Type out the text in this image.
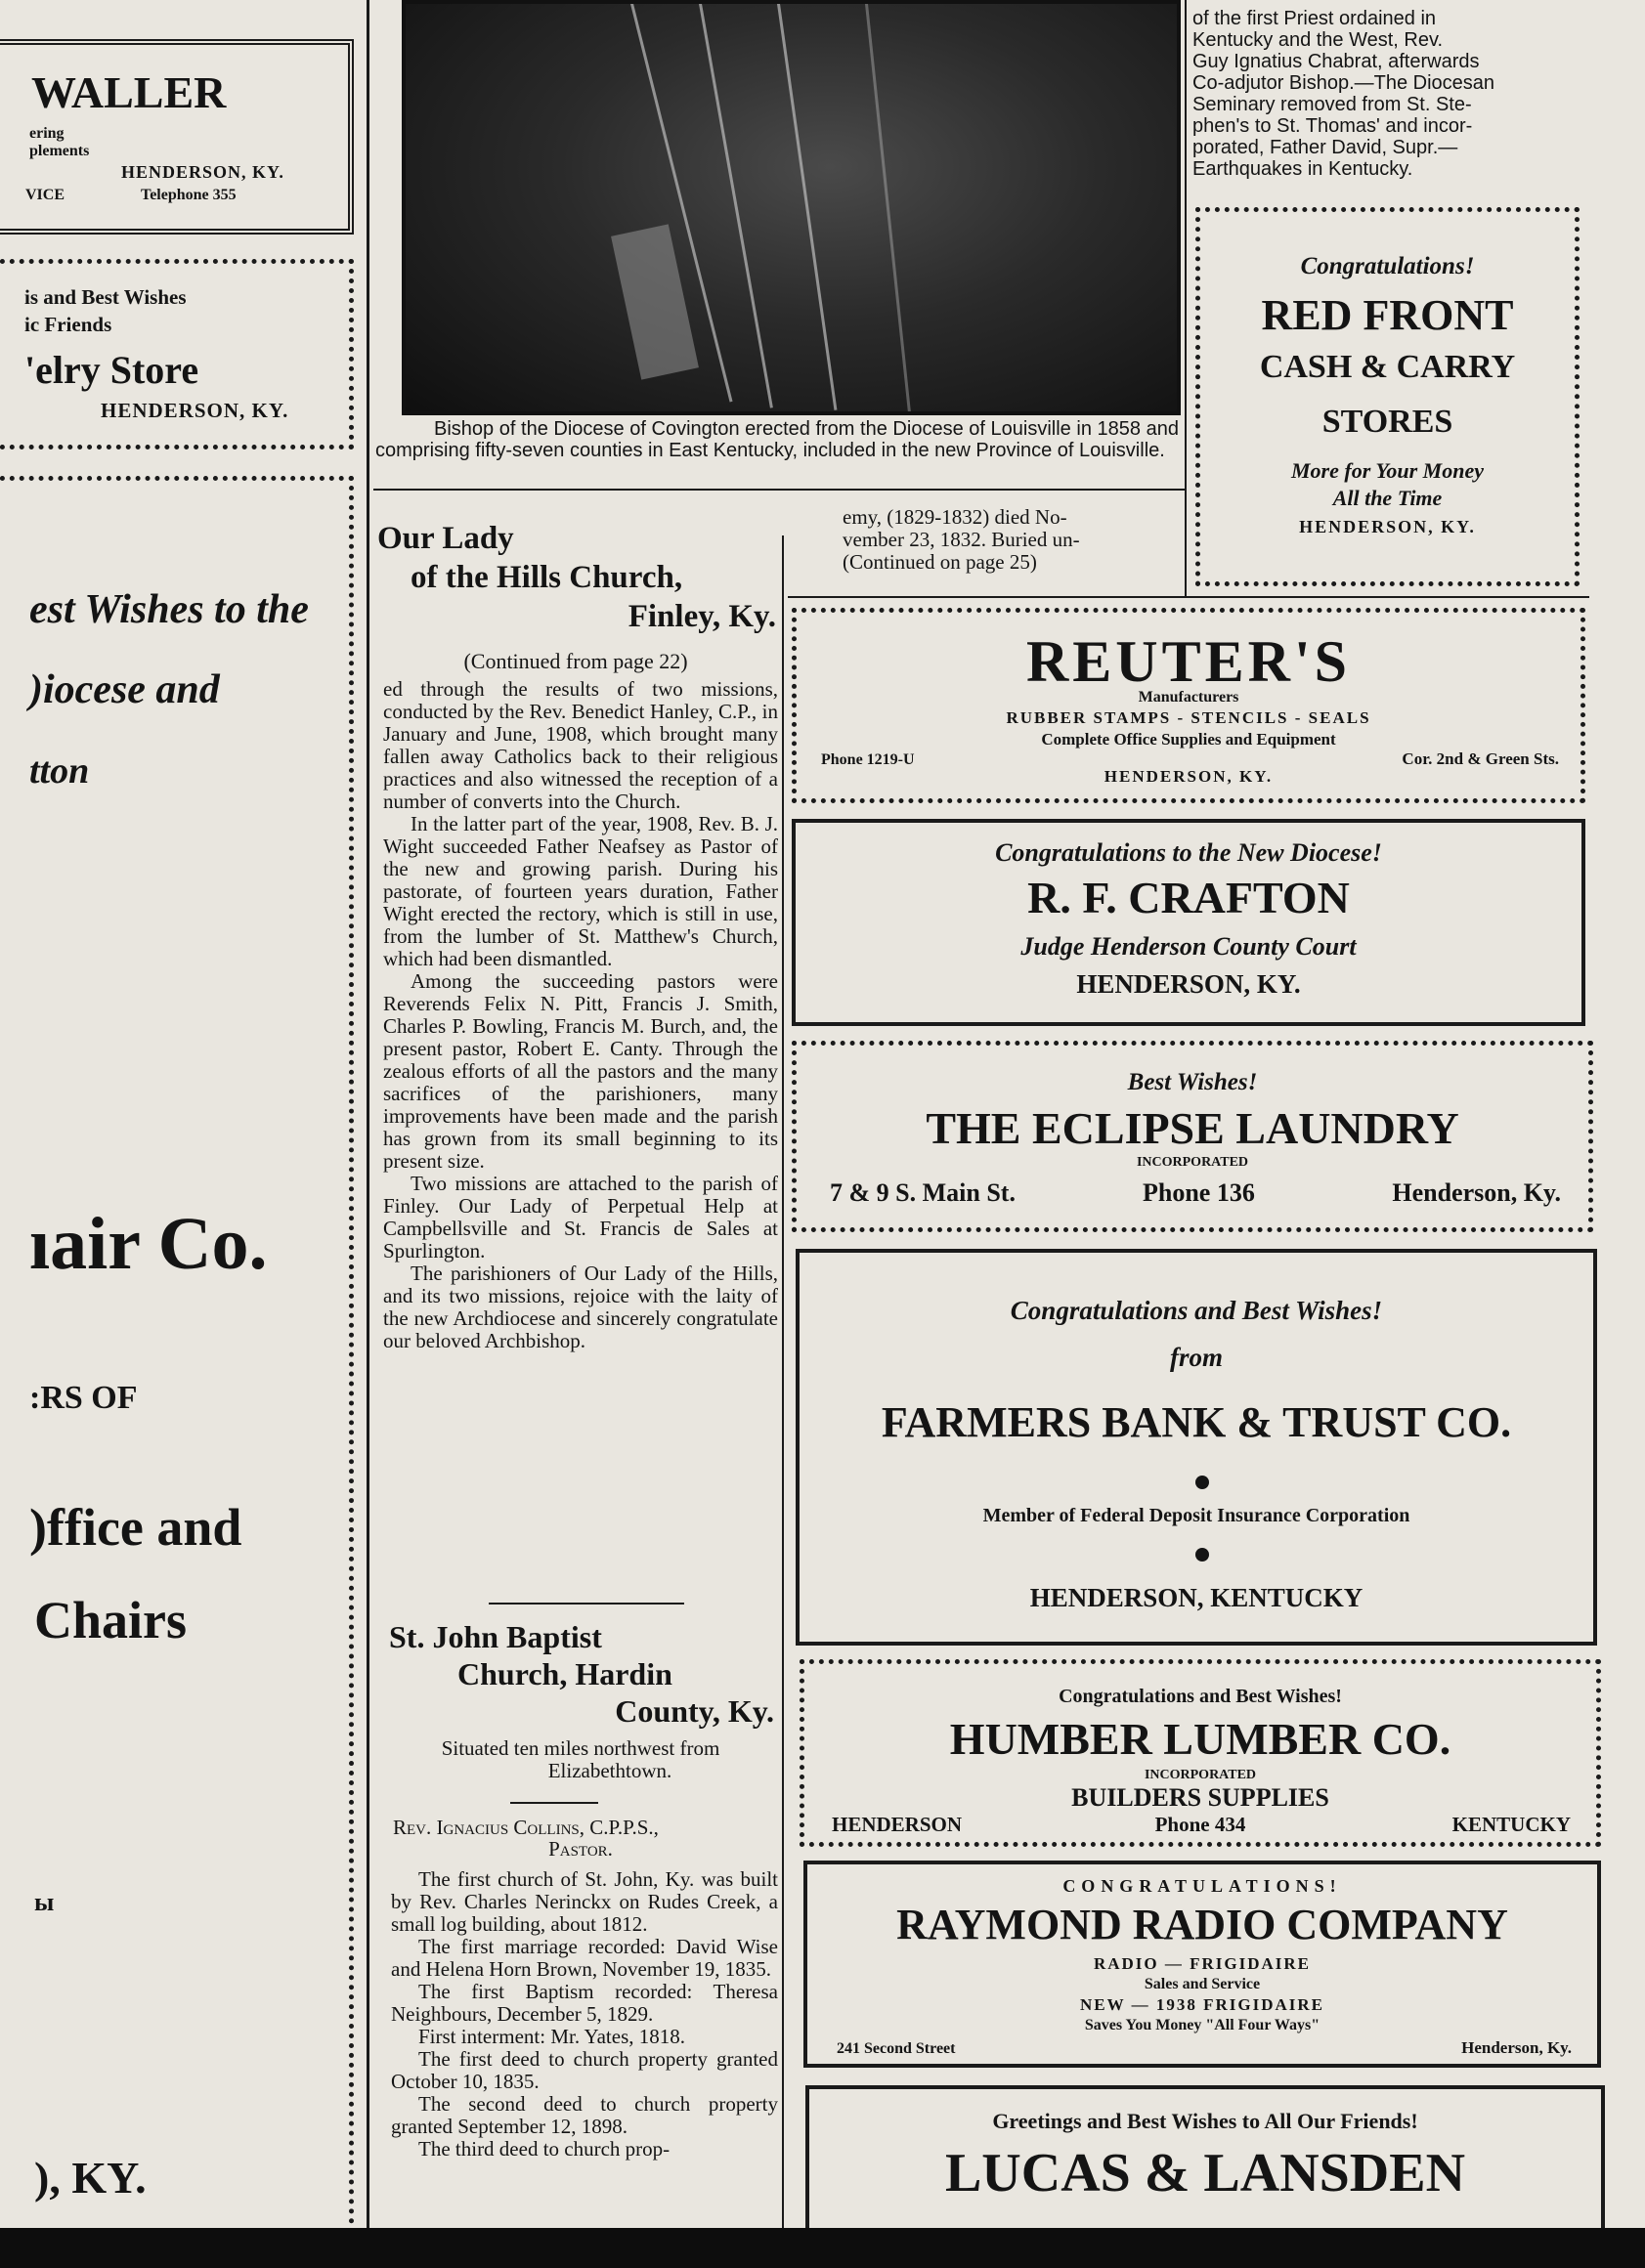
WALLER
ering
plements
HENDERSON, KY.
VICE	Telephone 355
is and Best Wishes
ic Friends
'elry Store
HENDERSON, KY.
est Wishes to the
)iocese and
tton
ıair Co.
:RS OF
)ffice and
Chairs
ы
), KY.
Bishop of the Diocese of Covington erected from the Diocese of Louisville in 1858 and comprising fifty-seven counties in East Kentucky, included in the new Province of Louisville.
of the first Priest ordained in
Kentucky and the West, Rev.
Guy Ignatius Chabrat, afterwards
Co-adjutor Bishop.—The Diocesan
Seminary removed from St. Ste-
phen's to St. Thomas' and incor-
porated, Father David, Supr.—
Earthquakes in Kentucky.
Congratulations!
RED FRONT
CASH & CARRY
STORES
More for Your Money
All the Time
HENDERSON, KY.
Our Lady
of the Hills Church,
Finley, Ky.
(Continued from page 22)

ed through the results of two missions, conducted by the Rev. Benedict Hanley, C.P., in January and June, 1908, which brought many fallen away Catholics back to their religious practices and also witnessed the reception of a number of converts into the Church.

In the latter part of the year, 1908, Rev. B. J. Wight succeeded Father Neafsey as Pastor of the new and growing parish. During his pastorate, of fourteen years duration, Father Wight erected the rectory, which is still in use, from the lumber of St. Matthew's Church, which had been dismantled.

Among the succeeding pastors were Reverends Felix N. Pitt, Francis J. Smith, Charles P. Bowling, Francis M. Burch, and, the present pastor, Robert E. Canty. Through the zealous efforts of all the pastors and the many sacrifices of the parishioners, many improvements have been made and the parish has grown from its small beginning to its present size.

Two missions are attached to the parish of Finley. Our Lady of Perpetual Help at Campbellsville and St. Francis de Sales at Spurlington.

The parishioners of Our Lady of the Hills, and its two missions, rejoice with the laity of the new Archdiocese and sincerely congratulate our beloved Archbishop.

St. John Baptist
Church, Hardin
County, Ky.
Situated ten miles northwest from Elizabethtown.
Rev. Ignacius Collins, C.P.P.S.,
Pastor.

The first church of St. John, Ky. was built by Rev. Charles Nerinckx on Rudes Creek, a small log building, about 1812.

The first marriage recorded: David Wise and Helena Horn Brown, November 19, 1835.

The first Baptism recorded: Theresa Neighbours, December 5, 1829.

First interment: Mr. Yates, 1818.

The first deed to church property granted October 10, 1835.

The second deed to church property granted September 12, 1898.

The third deed to church prop-

emy, (1829-1832) died No-
vember 23, 1832. Buried un-
(Continued on page 25)
REUTER'S
Manufacturers
RUBBER STAMPS - STENCILS - SEALS
Complete Office Supplies and Equipment
Phone 1219-U	Cor. 2nd & Green Sts.
HENDERSON, KY.
Congratulations to the New Diocese!
R. F. CRAFTON
Judge Henderson County Court
HENDERSON, KY.
Best Wishes!
THE ECLIPSE LAUNDRY
INCORPORATED
7 & 9 S. Main St.	Phone 136	Henderson, Ky.
Congratulations and Best Wishes!
from
FARMERS BANK & TRUST CO.
Member of Federal Deposit Insurance Corporation
HENDERSON, KENTUCKY
Congratulations and Best Wishes!
HUMBER LUMBER CO.
INCORPORATED
BUILDERS SUPPLIES
HENDERSON	Phone 434	KENTUCKY
CONGRATULATIONS!
RAYMOND RADIO COMPANY
RADIO — FRIGIDAIRE
Sales and Service
NEW — 1938 FRIGIDAIRE
Saves You Money "All Four Ways"
241 Second Street	Henderson, Ky.
Greetings and Best Wishes to All Our Friends!
LUCAS & LANSDEN
